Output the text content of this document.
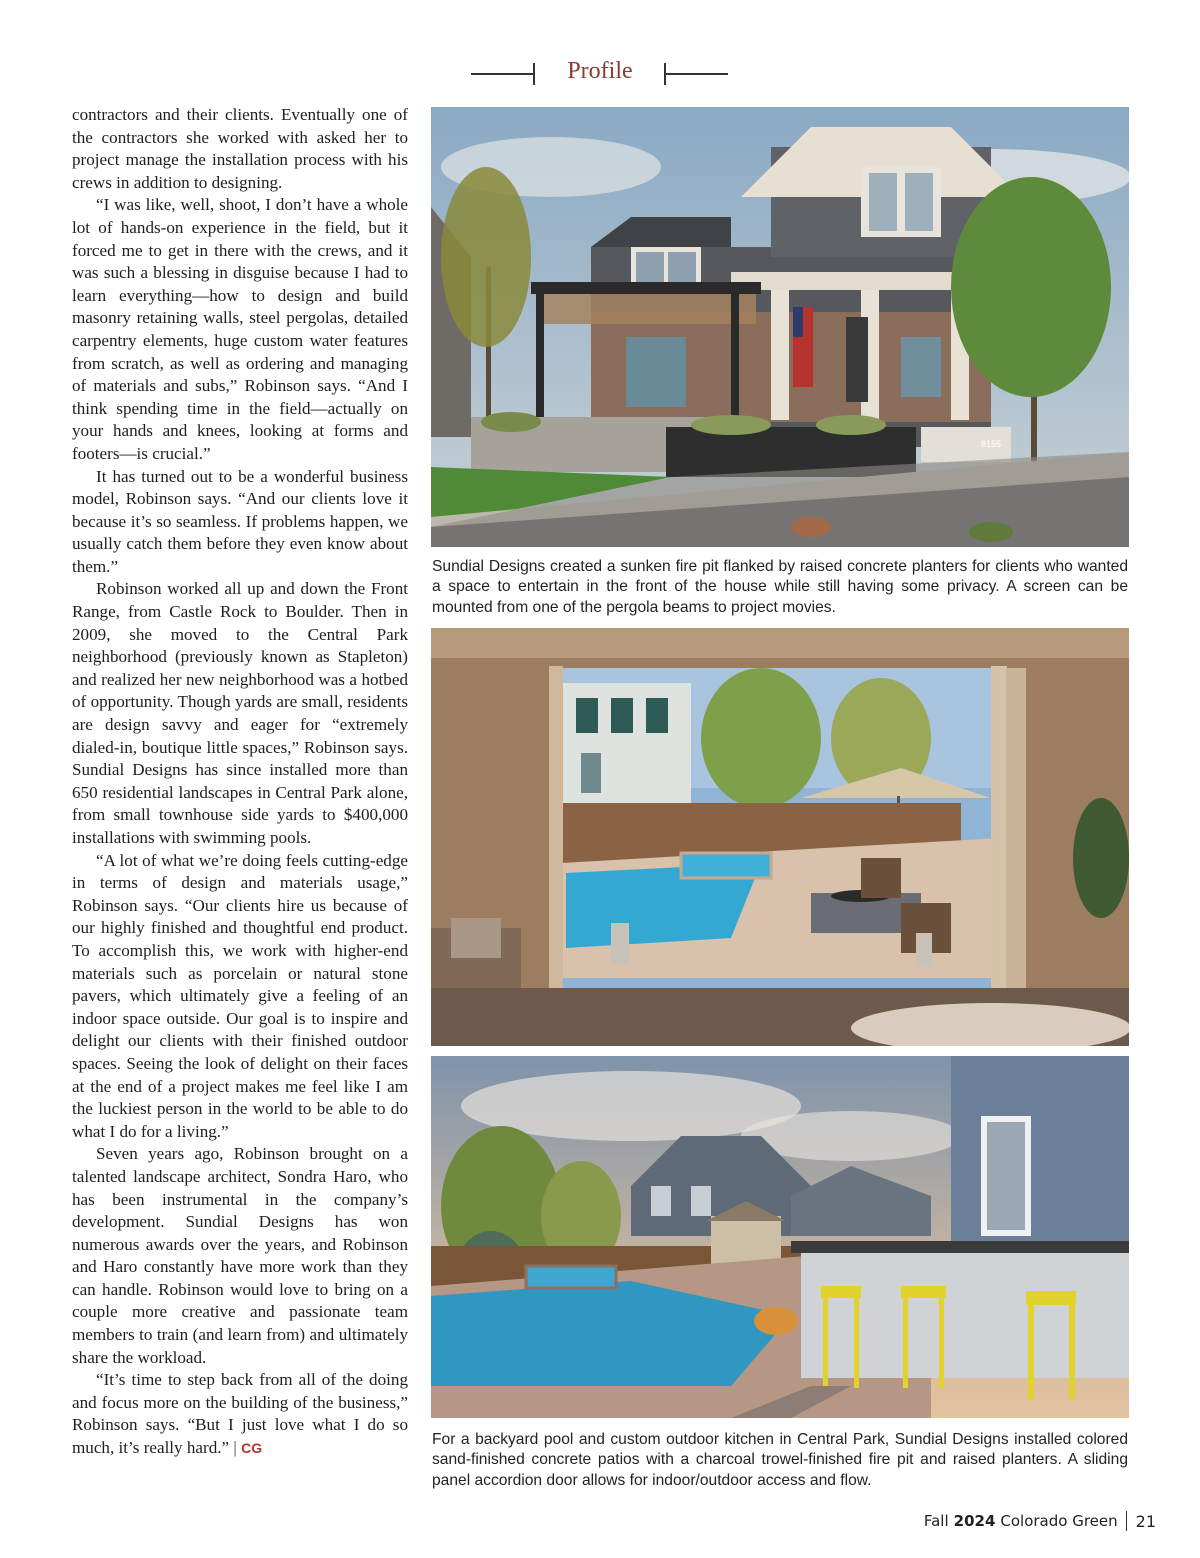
Profile

contractors and their clients. Eventually one of the contractors she worked with asked her to project manage the installation process with his crews in addition to designing.

“I was like, well, shoot, I don’t have a whole lot of hands-on experience in the field, but it forced me to get in there with the crews, and it was such a blessing in disguise because I had to learn everything—how to design and build masonry retaining walls, steel pergolas, detailed carpentry elements, huge custom water features from scratch, as well as ordering and managing of materials and subs,” Robinson says. “And I think spending time in the field—actually on your hands and knees, looking at forms and footers—is crucial.”

It has turned out to be a wonderful business model, Robinson says. “And our clients love it because it’s so seamless. If problems happen, we usually catch them before they even know about them.”

Robinson worked all up and down the Front Range, from Castle Rock to Boulder. Then in 2009, she moved to the Central Park neighborhood (previously known as Stapleton) and realized her new neighborhood was a hotbed of opportunity. Though yards are small, residents are design savvy and eager for “extremely dialed-in, boutique little spaces,” Robinson says. Sundial Designs has since installed more than 650 residential landscapes in Central Park alone, from small townhouse side yards to $400,000 installations with swimming pools.

“A lot of what we’re doing feels cutting-edge in terms of design and materials usage,” Robinson says. “Our clients hire us because of our highly finished and thoughtful end product. To accomplish this, we work with higher-end materials such as porcelain or natural stone pavers, which ultimately give a feeling of an indoor space outside. Our goal is to inspire and delight our clients with their finished outdoor spaces. Seeing the look of delight on their faces at the end of a project makes me feel like I am the luckiest person in the world to be able to do what I do for a living.”

Seven years ago, Robinson brought on a talented landscape architect, Sondra Haro, who has been instrumental in the company’s development. Sundial Designs has won numerous awards over the years, and Robinson and Haro constantly have more work than they can handle. Robinson would love to bring on a couple more creative and passionate team members to train (and learn from) and ultimately share the workload.

“It’s time to step back from all of the doing and focus more on the building of the business,” Robinson says. “But I just love what I do so much, it’s really hard.” | CG

8155
Sundial Designs created a sunken fire pit flanked by raised concrete planters for clients who wanted a space to entertain in the front of the house while still having some privacy. A screen can be mounted from one of the pergola beams to project movies.
For a backyard pool and custom outdoor kitchen in Central Park, Sundial Designs installed colored sand-finished concrete patios with a charcoal trowel-finished fire pit and raised planters. A sliding panel accordion door allows for indoor/outdoor access and flow.
Fall 2024 Colorado Green 21
